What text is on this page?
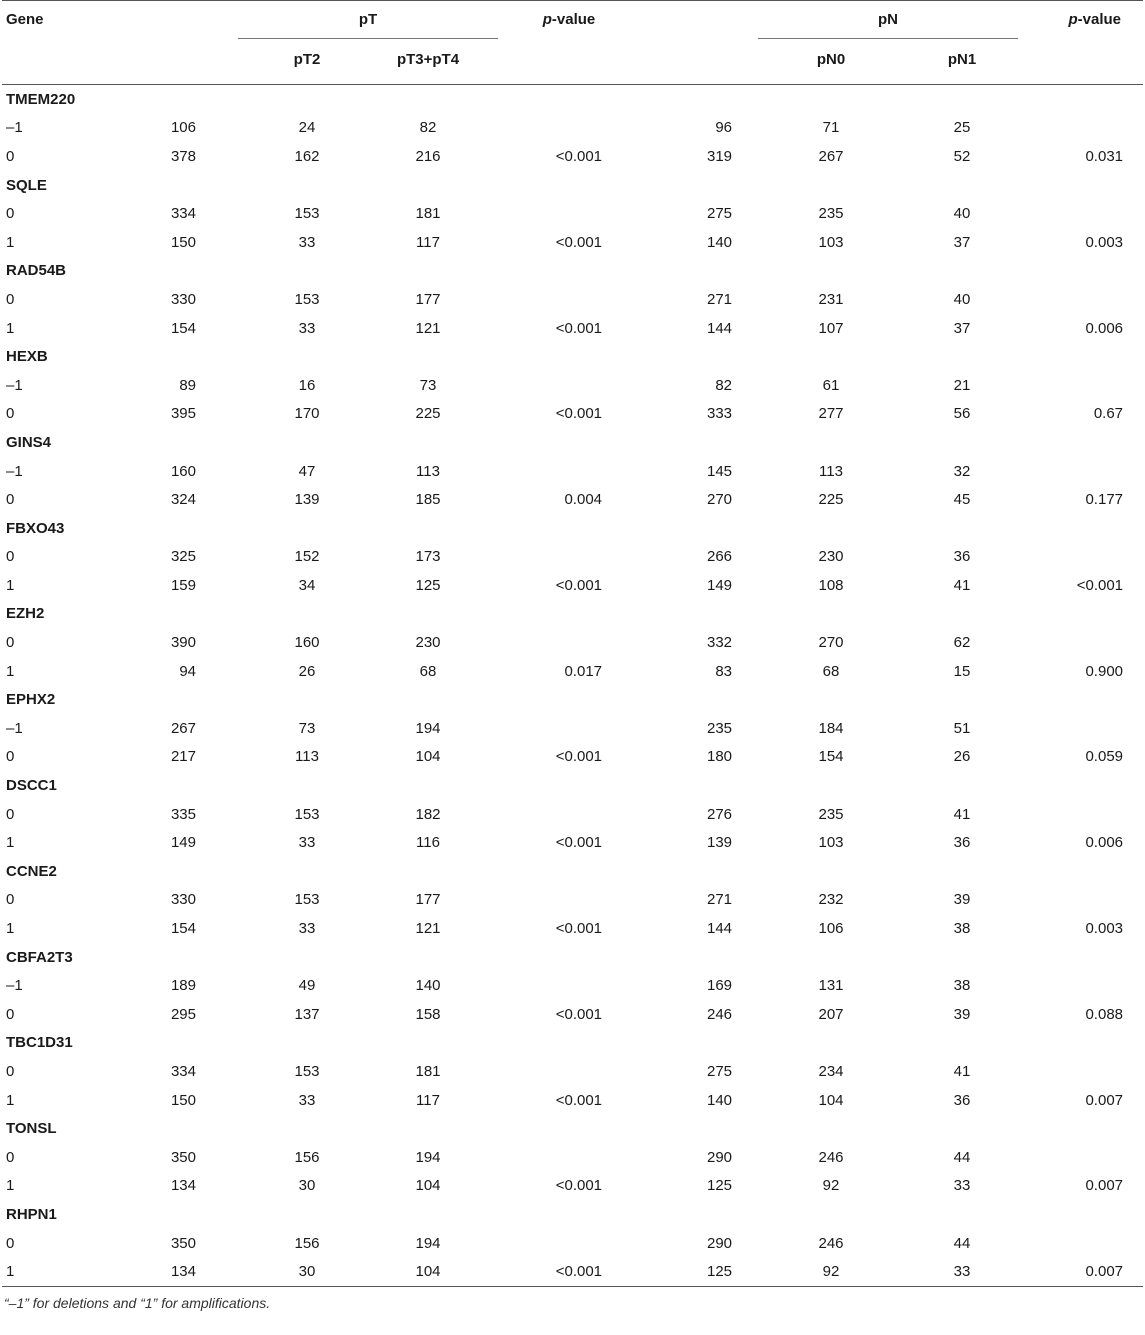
Gene		pT		p-value		pN		p-value
		pT2	pT3+pT4			pN0	pN1	
TMEM220								
–1	106	24	82		96	71	25	
0	378	162	216	<0.001	319	267	52	0.031
SQLE								
0	334	153	181		275	235	40	
1	150	33	117	<0.001	140	103	37	0.003
RAD54B								
0	330	153	177		271	231	40	
1	154	33	121	<0.001	144	107	37	0.006
HEXB								
–1	89	16	73		82	61	21	
0	395	170	225	<0.001	333	277	56	0.67
GINS4								
–1	160	47	113		145	113	32	
0	324	139	185	0.004	270	225	45	0.177
FBXO43								
0	325	152	173		266	230	36	
1	159	34	125	<0.001	149	108	41	<0.001
EZH2								
0	390	160	230		332	270	62	
1	94	26	68	0.017	83	68	15	0.900
EPHX2								
–1	267	73	194		235	184	51	
0	217	113	104	<0.001	180	154	26	0.059
DSCC1								
0	335	153	182		276	235	41	
1	149	33	116	<0.001	139	103	36	0.006
CCNE2								
0	330	153	177		271	232	39	
1	154	33	121	<0.001	144	106	38	0.003
CBFA2T3								
–1	189	49	140		169	131	38	
0	295	137	158	<0.001	246	207	39	0.088
TBC1D31								
0	334	153	181		275	234	41	
1	150	33	117	<0.001	140	104	36	0.007
TONSL								
0	350	156	194		290	246	44	
1	134	30	104	<0.001	125	92	33	0.007
RHPN1								
0	350	156	194		290	246	44	
1	134	30	104	<0.001	125	92	33	0.007
“–1” for deletions and “1” for amplifications.
